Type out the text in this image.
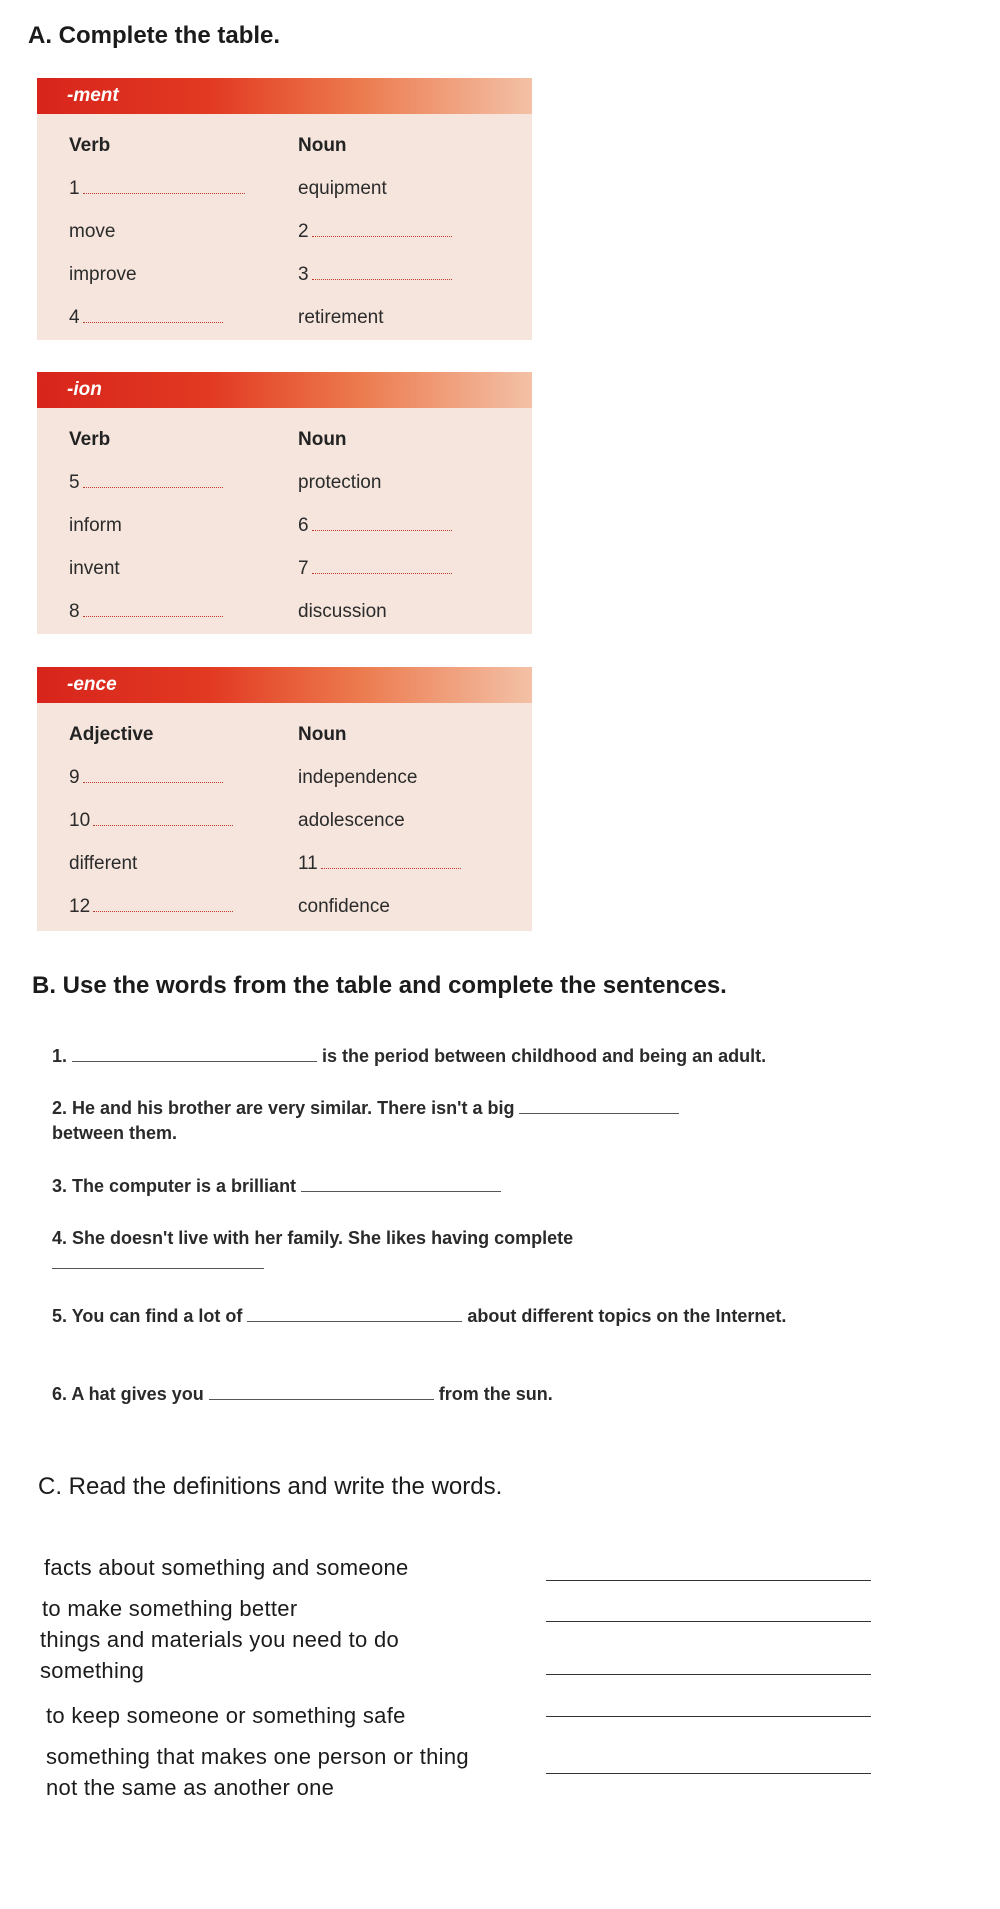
A. Complete the table.
-ment
Verb	Noun
1	equipment
move	2
improve	3
4	retirement
-ion
Verb	Noun
5	protection
inform	6
invent	7
8	discussion
-ence
Adjective	Noun
9	independence
10	adolescence
different	11
12	confidence
B. Use the words from the table and complete the sentences.

1.	is the period between childhood and being an adult.

2. He and his brother are very similar. There isn't a big
between them.

3. The computer is a brilliant

4. She doesn't live with her family. She likes having complete

5. You can find a lot of	about different topics on the Internet.

6. A hat gives you	from the sun.

C. Read the definitions and write the words.

facts about something and someone

to make something better

things and materials you need to do something

to keep someone or something safe

something that makes one person or thing not the same as another one
